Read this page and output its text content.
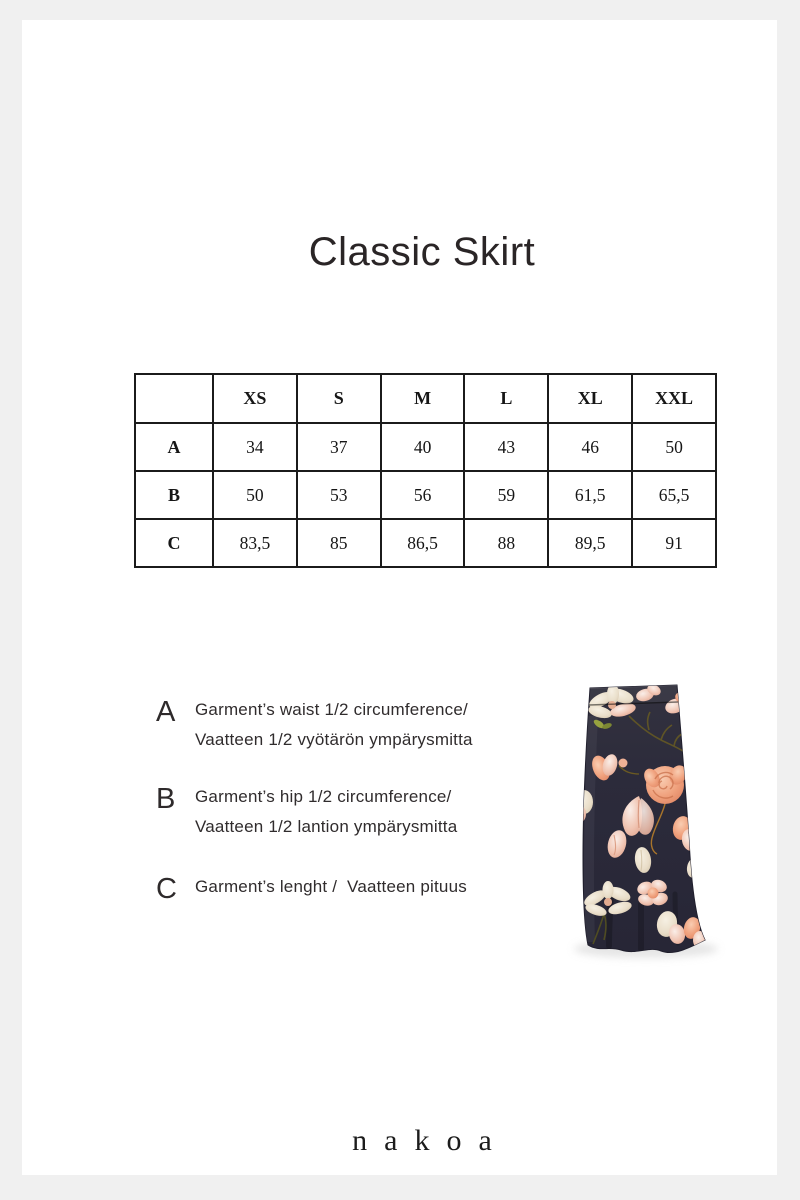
Classic Skirt
	XS	S	M	L	XL	XXL
A	34	37	40	43	46	50
B	50	53	56	59	61,5	65,5
C	83,5	85	86,5	88	89,5	91
A	Garment’s waist 1/2 circumference/
Vaatteen 1/2 vyötärön ympärysmitta
B	Garment’s hip 1/2 circumference/
Vaatteen 1/2 lantion ympärysmitta
C	Garment’s lenght /  Vaatteen pituus
nakoa
